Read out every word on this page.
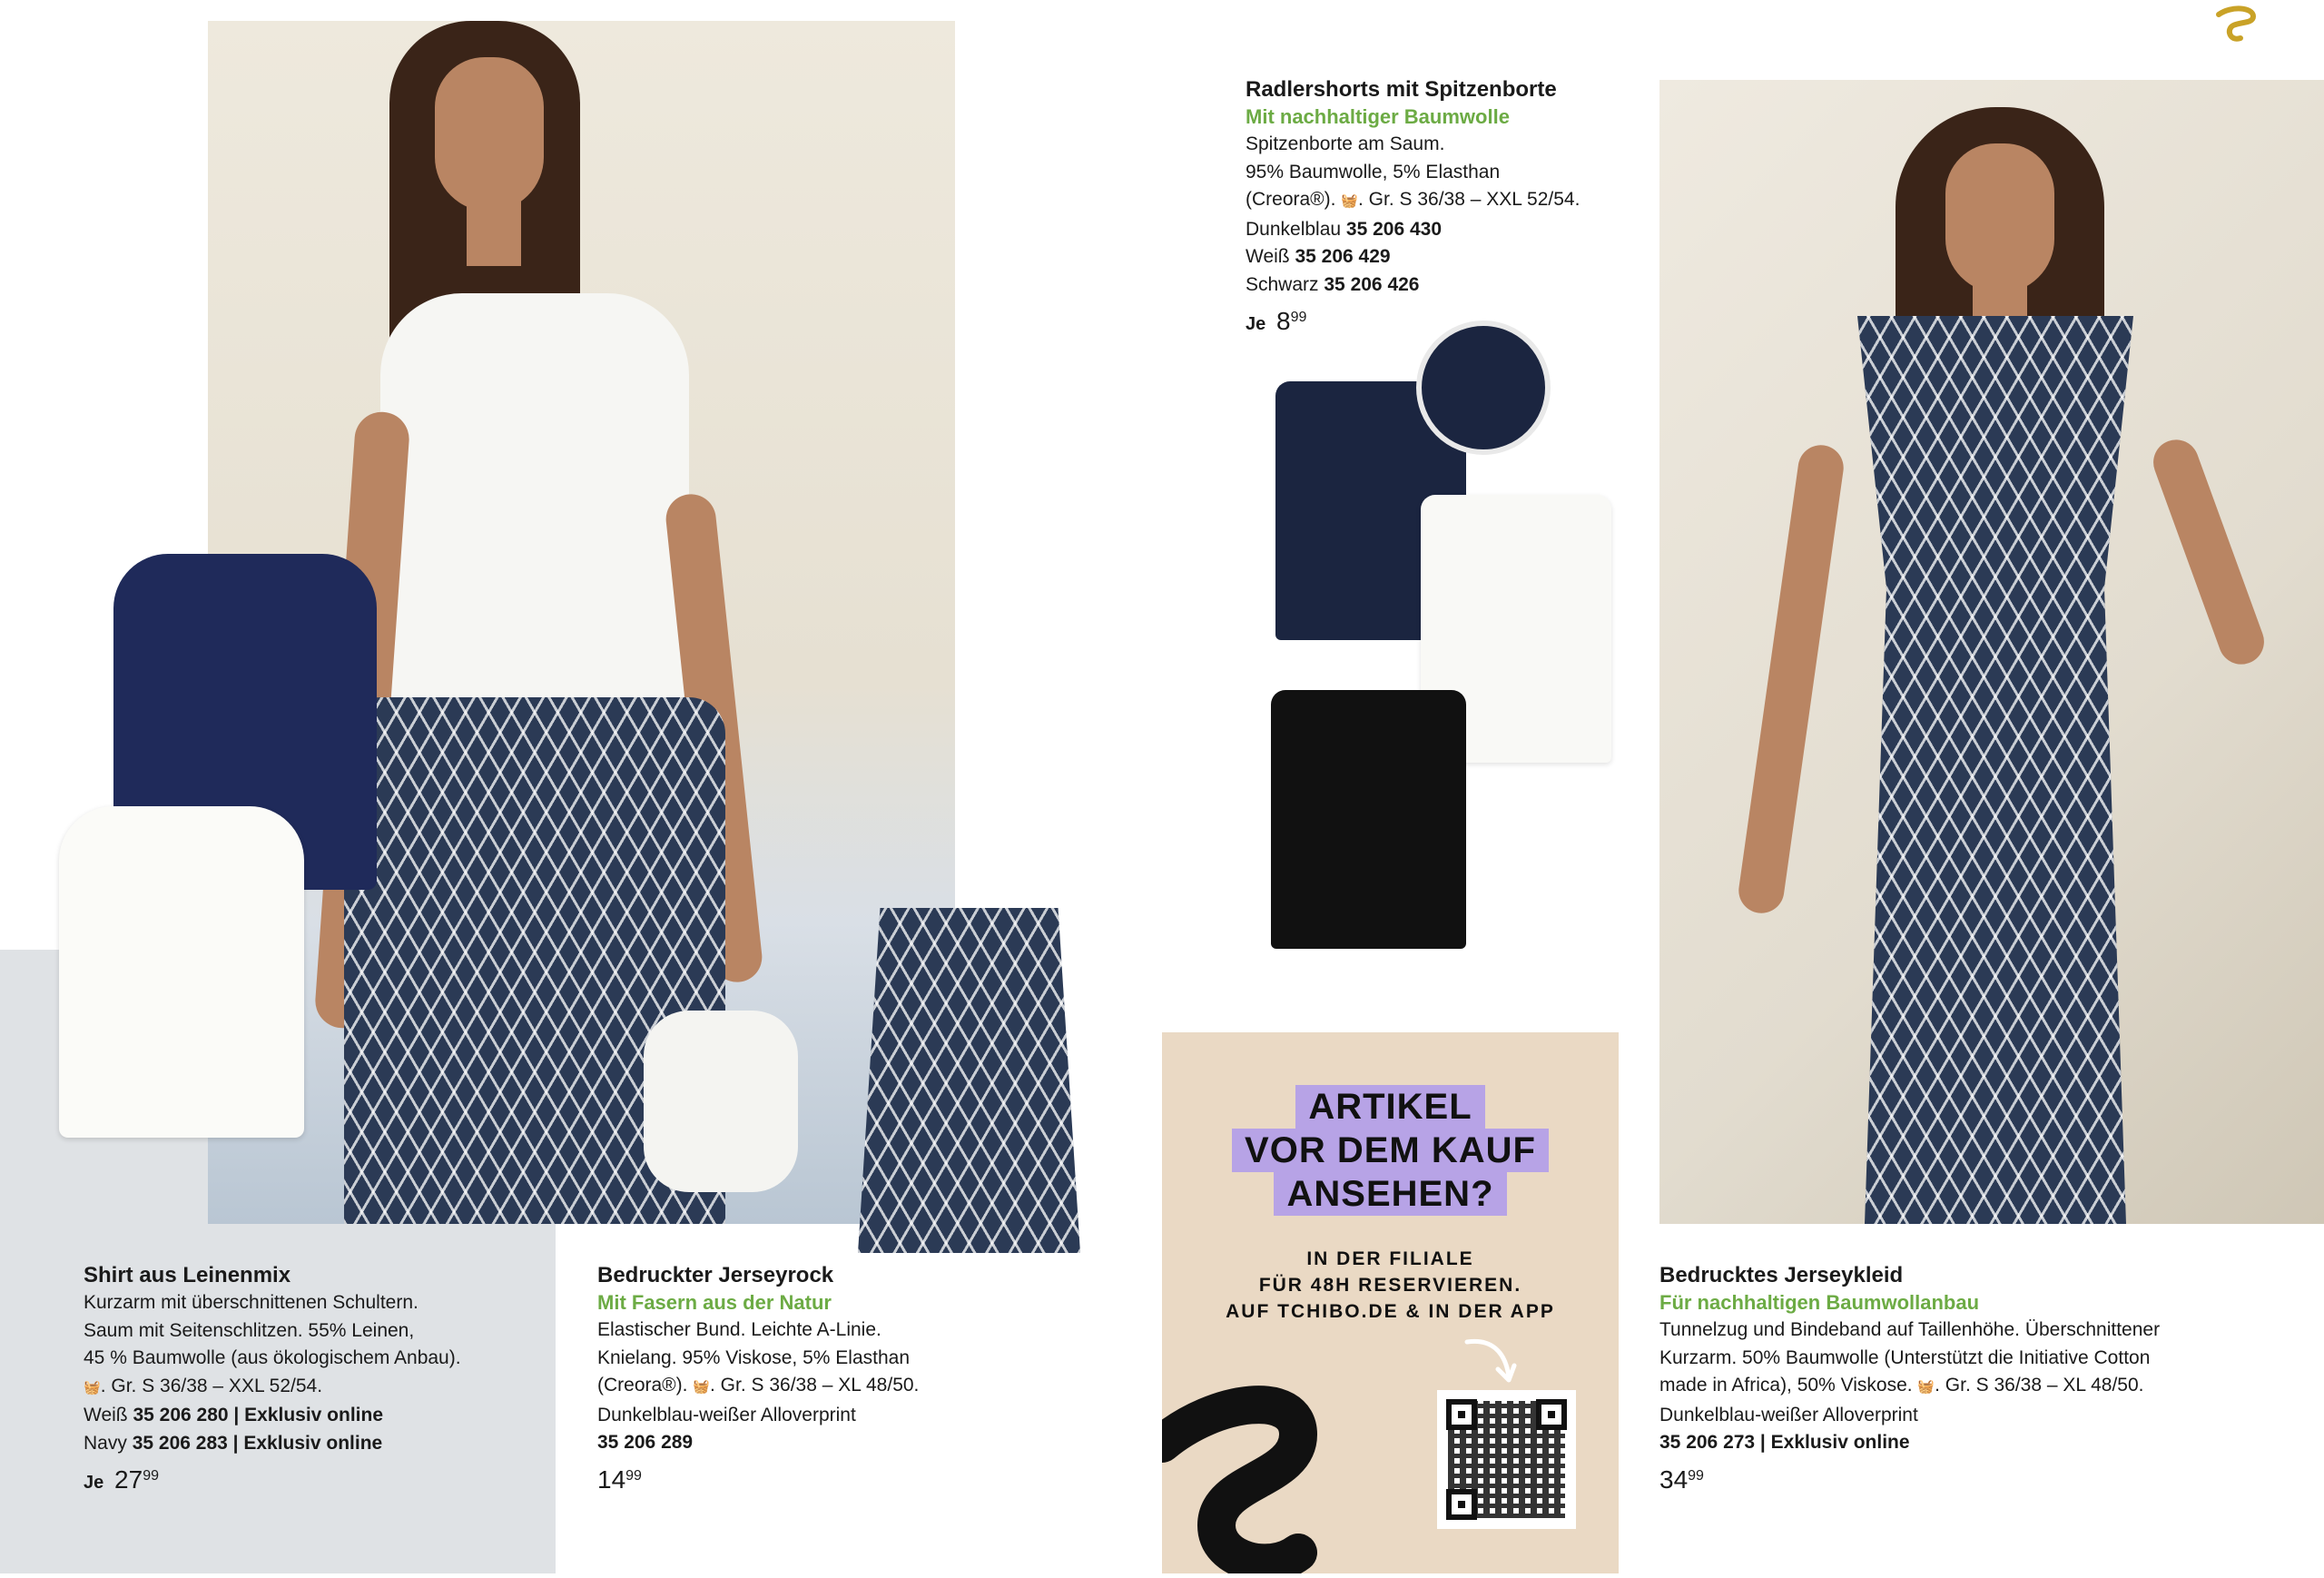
ARTIKEL
VOR DEM KAUF
ANSEHEN?
IN DER FILIALE
FÜR 48H RESERVIEREN.
AUF TCHIBO.DE & IN DER APP
Shirt aus Leinenmix
Kurzarm mit überschnittenen Schultern.
Saum mit Seitenschlitzen. 55% Leinen,
45 % Baumwolle (aus ökologischem Anbau).
🧺. Gr. S 36/38 – XXL 52/54.
Weiß 35 206 280 | Exklusiv online
Navy 35 206 283 | Exklusiv online
Je $27^{99}$
Bedruckter Jerseyrock
Mit Fasern aus der Natur
Elastischer Bund. Leichte A-Linie.
Knielang. 95% Viskose, 5% Elasthan
(Creora®). 🧺. Gr. S 36/38 – XL 48/50.
Dunkelblau-weißer Alloverprint
35 206 289
$14^{99}$
Radlershorts mit Spitzenborte
Mit nachhaltiger Baumwolle
Spitzenborte am Saum.
95% Baumwolle, 5% Elasthan
(Creora®). 🧺. Gr. S 36/38 – XXL 52/54.
Dunkelblau 35 206 430
Weiß 35 206 429
Schwarz 35 206 426
Je $8^{99}$
Bedrucktes Jerseykleid
Für nachhaltigen Baumwollanbau
Tunnelzug und Bindeband auf Taillenhöhe. Überschnittener
Kurzarm. 50% Baumwolle (Unterstützt die Initiative Cotton
made in Africa), 50% Viskose. 🧺. Gr. S 36/38 – XL 48/50.
Dunkelblau-weißer Alloverprint
35 206 273 | Exklusiv online
$34^{99}$
